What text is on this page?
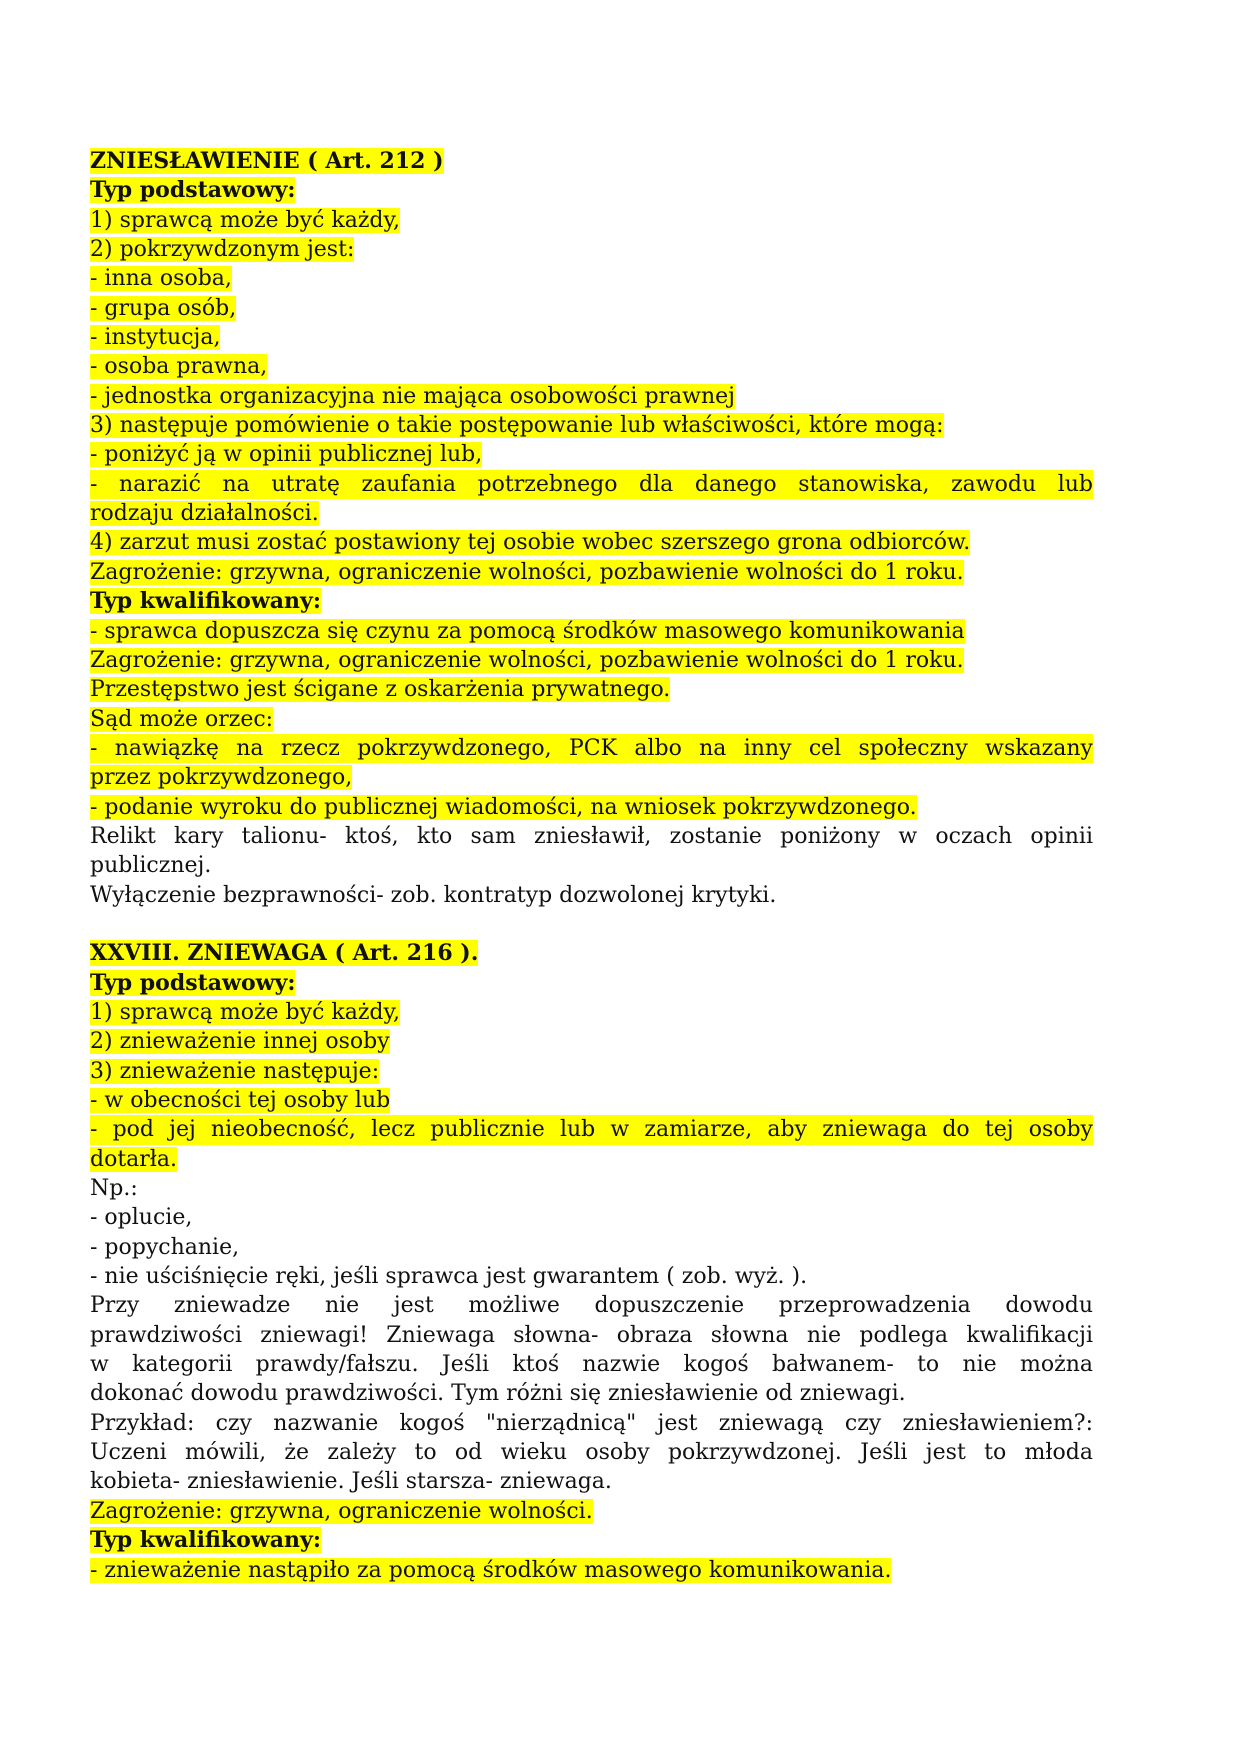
ZNIESŁAWIENIE ( Art. 212 )
Typ podstawowy:
1) sprawcą może być każdy,
2) pokrzywdzonym jest:
- inna osoba,
- grupa osób,
- instytucja,
- osoba prawna,
- jednostka organizacyjna nie mająca osobowości prawnej
3) następuje pomówienie o takie postępowanie lub właściwości, które mogą:
- poniżyć ją w opinii publicznej lub,
- narazić na utratę zaufania potrzebnego dla danego stanowiska, zawodu lub
rodzaju działalności.
4) zarzut musi zostać postawiony tej osobie wobec szerszego grona odbiorców.
Zagrożenie: grzywna, ograniczenie wolności, pozbawienie wolności do 1 roku.
Typ kwalifikowany:
- sprawca dopuszcza się czynu za pomocą środków masowego komunikowania
Zagrożenie: grzywna, ograniczenie wolności, pozbawienie wolności do 1 roku.
Przestępstwo jest ścigane z oskarżenia prywatnego.
Sąd może orzec:
- nawiązkę na rzecz pokrzywdzonego, PCK albo na inny cel społeczny wskazany
przez pokrzywdzonego,
- podanie wyroku do publicznej wiadomości, na wniosek pokrzywdzonego.
Relikt kary talionu- ktoś, kto sam zniesławił, zostanie poniżony w oczach opinii
publicznej.
Wyłączenie bezprawności- zob. kontratyp dozwolonej krytyki.
XXVIII. ZNIEWAGA ( Art. 216 ).
Typ podstawowy:
1) sprawcą może być każdy,
2) znieważenie innej osoby
3) znieważenie następuje:
- w obecności tej osoby lub
- pod jej nieobecność, lecz publicznie lub w zamiarze, aby zniewaga do tej osoby
dotarła.
Np.:
- oplucie,
- popychanie,
- nie uściśnięcie ręki, jeśli sprawca jest gwarantem ( zob. wyż. ).
Przy zniewadze nie jest możliwe dopuszczenie przeprowadzenia dowodu
prawdziwości zniewagi! Zniewaga słowna- obraza słowna nie podlega kwalifikacji
w kategorii prawdy/fałszu. Jeśli ktoś nazwie kogoś bałwanem- to nie można
dokonać dowodu prawdziwości. Tym różni się zniesławienie od zniewagi.
Przykład: czy nazwanie kogoś "nierządnicą" jest zniewagą czy zniesławieniem?:
Uczeni mówili, że zależy to od wieku osoby pokrzywdzonej. Jeśli jest to młoda
kobieta- zniesławienie. Jeśli starsza- zniewaga.
Zagrożenie: grzywna, ograniczenie wolności.
Typ kwalifikowany:
- znieważenie nastąpiło za pomocą środków masowego komunikowania.
